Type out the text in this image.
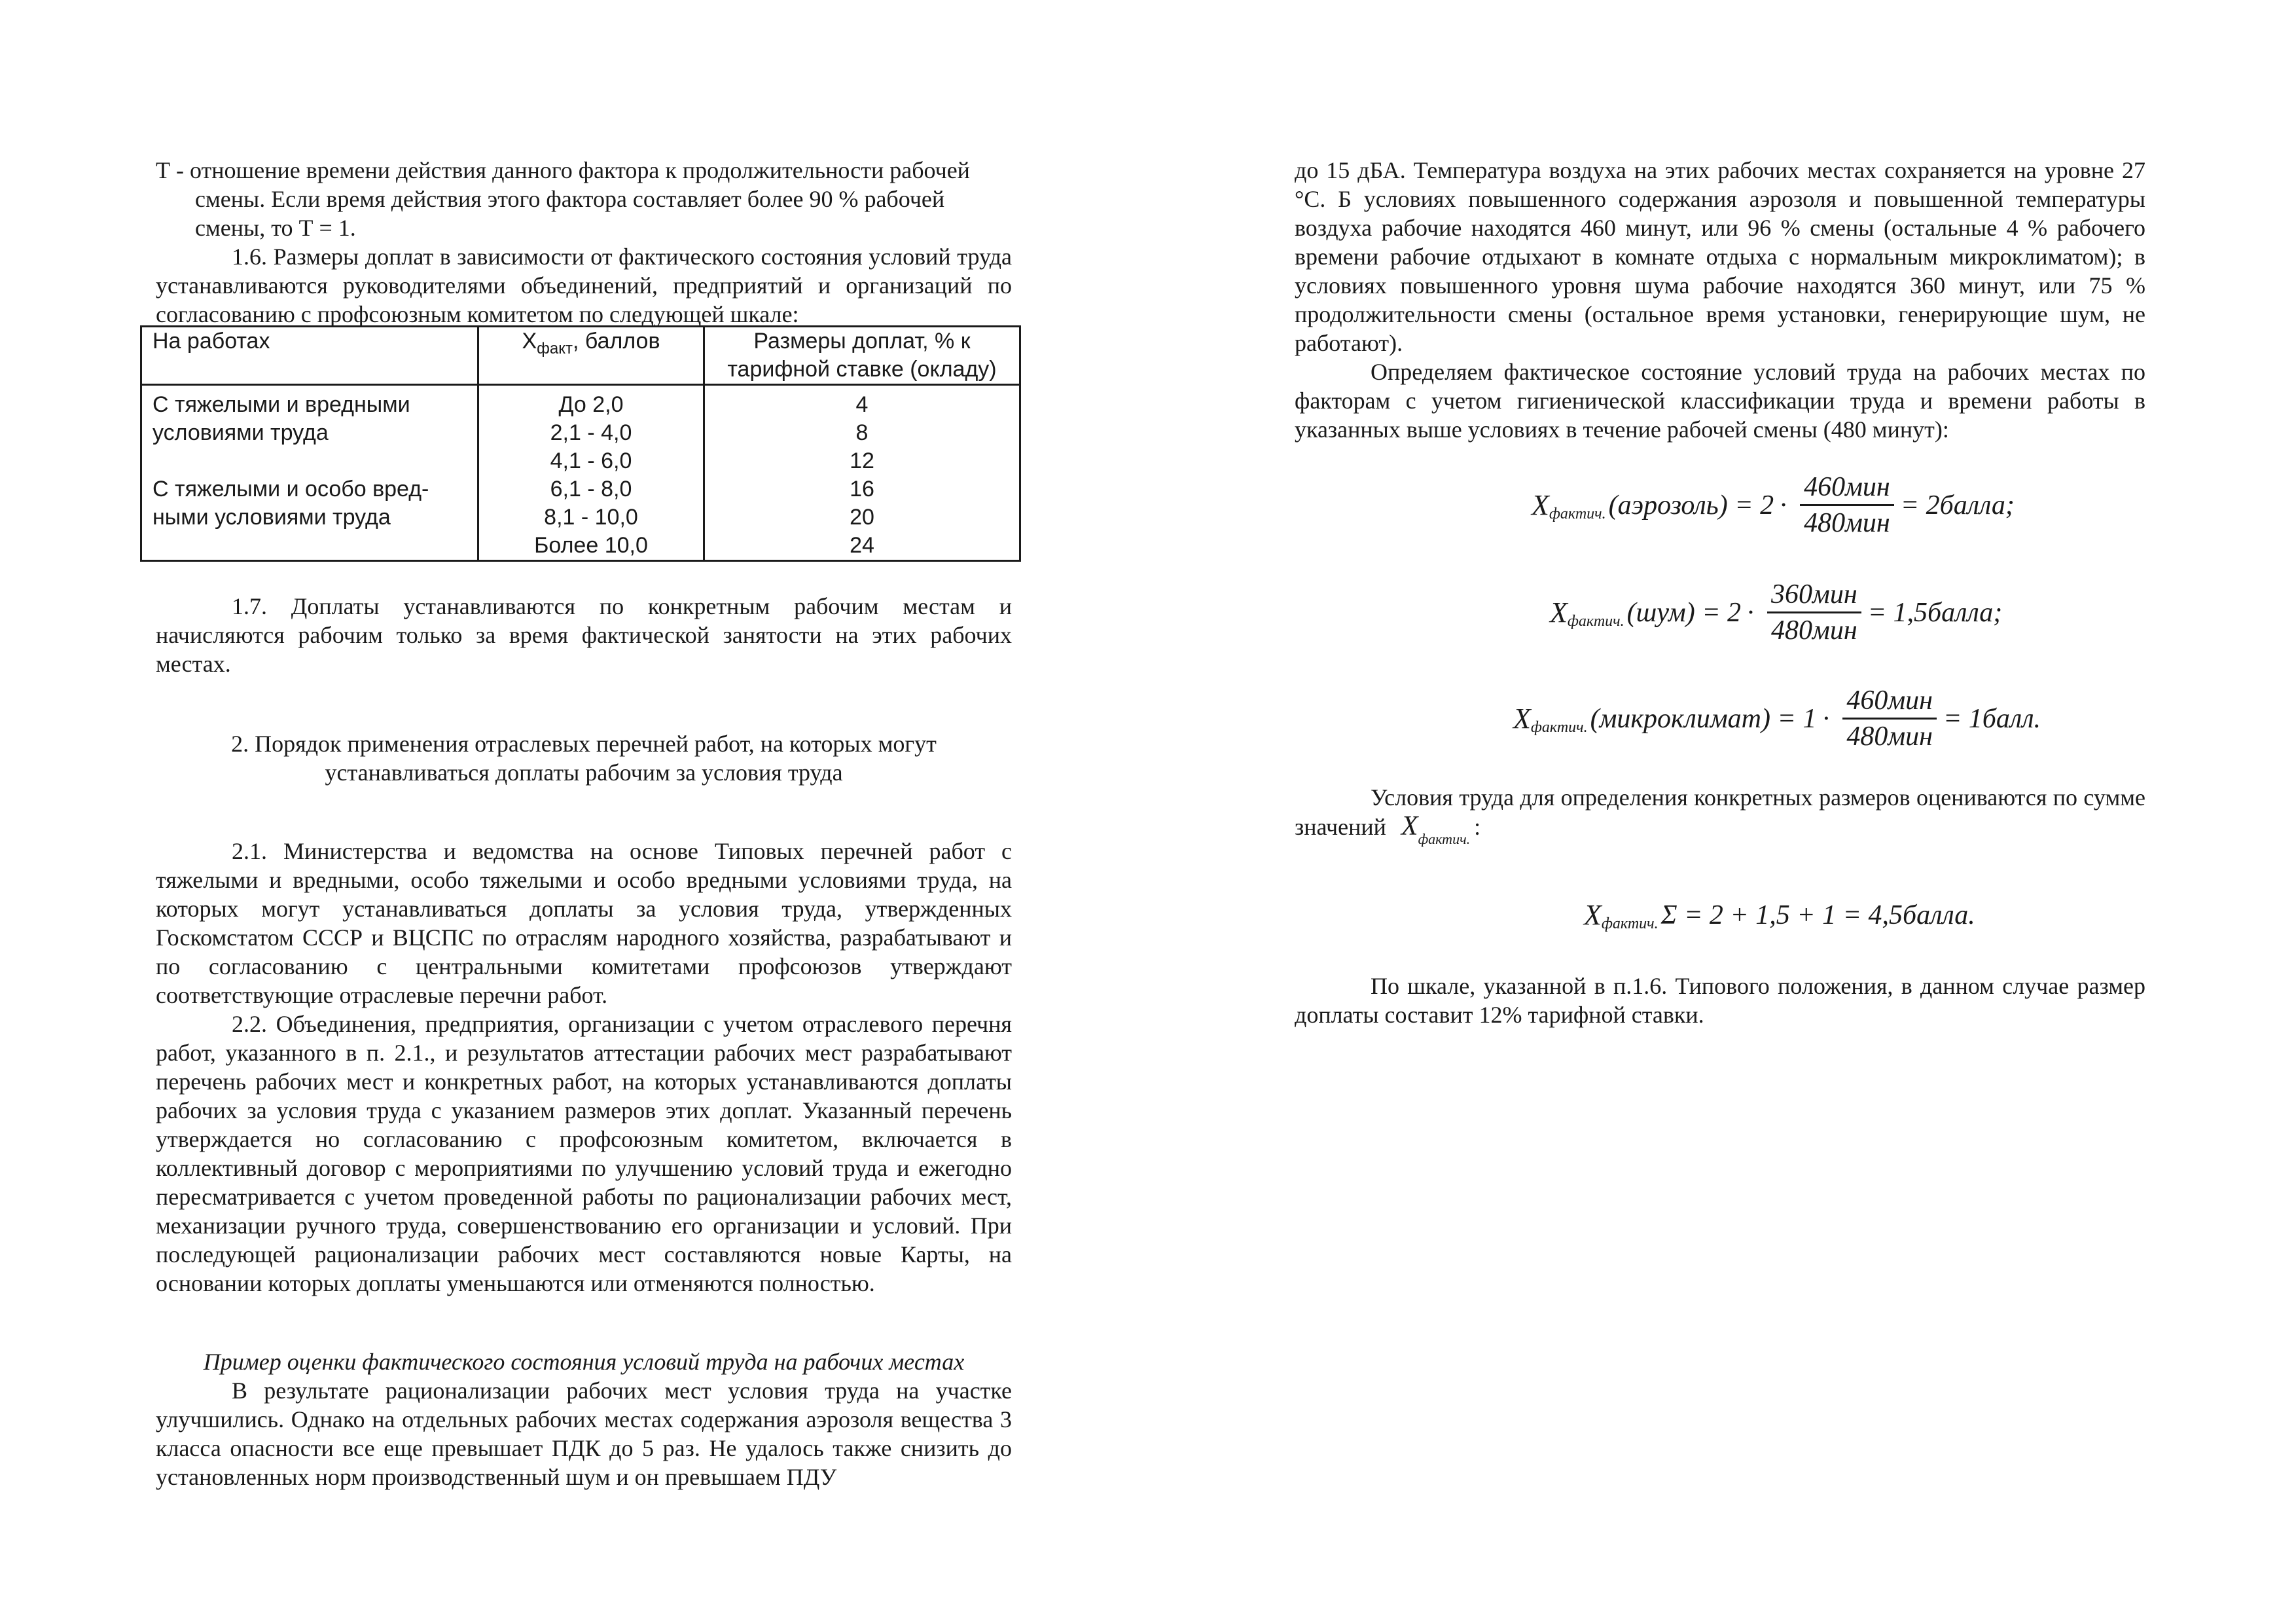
Т - отношение времени действия данного фактора к продолжительности рабочей смены. Если время действия этого фактора составляет более 90 % рабочей смены, то Т = 1.

1.6. Размеры доплат в зависимости от фактического состояния условий труда устанавливаются руководителями объединений, предприятий и организаций по согласованию с профсоюзным комитетом по следующей шкале:

На работах	$Х_{факт}$, баллов	Размеры доплат, % к тарифной ставке (окладу)

С тяжелыми и вредными	До 2,0	4
условиями труда	2,1 - 4,0	8
	4,1 - 6,0	12
С тяжелыми и особо вред-	6,1 - 8,0	16
ными условиями труда	8,1 - 10,0	20
	Более 10,0	24

1.7. Доплаты устанавливаются по конкретным рабочим местам и начисляются рабочим только за время фактической занятости на этих рабочих местах.

2. Порядок применения отраслевых перечней работ, на которых могут устанавливаться доплаты рабочим за условия труда

2.1. Министерства и ведомства на основе Типовых перечней работ с тяжелыми и вредными, особо тяжелыми и особо вредными условиями труда, на которых могут устанавливаться доплаты за условия труда, утвержденных Госкомстатом СССР и ВЦСПС по отраслям народного хозяйства, разрабатывают и по согласованию с центральными комитетами профсоюзов утверждают соответствующие отраслевые перечни работ.

2.2. Объединения, предприятия, организации с учетом отраслевого перечня работ, указанного в п. 2.1., и результатов аттестации рабочих мест разрабатывают перечень рабочих мест и конкретных работ, на которых устанавливаются доплаты рабочих за условия труда с указанием размеров этих доплат. Указанный перечень утверждается но согласованию с профсоюзным комитетом, включается в коллективный договор с мероприятиями по улучшению условий труда и ежегодно пересматривается с учетом проведенной работы по рационализации рабочих мест, механизации ручного труда, совершенствованию его организации и условий. При последующей рационализации рабочих мест составляются новые Карты, на основании которых доплаты уменьшаются или отменяются полностью.

Пример оценки фактического состояния условий труда на рабочих местах

В результате рационализации рабочих мест условия труда на участке улучшились. Однако на отдельных рабочих местах содержания аэрозоля вещества 3 класса опасности все еще превышает ПДК до 5 раз. Не удалось также снизить до установленных норм производственный шум и он превышаем ПДУ

до 15 дБА. Температура воздуха на этих рабочих местах сохраняется на уровне 27 °С. Б условиях повышенного содержания аэрозоля и повышенной температуры воздуха рабочие находятся 460 минут, или 96 % смены (остальные 4 % рабочего времени рабочие отдыхают в комнате отдыха с нормальным микроклиматом); в условиях повышенного уровня шума рабочие находятся 360 минут, или 75 % продолжительности смены (остальное время установки, генерирующие шум, не работают).

Определяем фактическое состояние условий труда на рабочих местах по факторам с учетом гигиенической классификации труда и времени работы в указанных выше условиях в течение рабочей смены (480 минут):

X фактич. (аэрозоль) = $2 \cdot \frac{\text{460мин}}{\text{480мин}}$ = 2балла;
X фактич. $(шум) = 2 \cdot \frac{\text{360мин}}{\text{480мин}}$ = 1,5балла;
X фактич. (микроклимат) = $1 \cdot \frac{\text{460мин}}{\text{480мин}}$ = 1балл.

Условия труда для определения конкретных размеров оцениваются по сумме значений $X_{фактич.}$ :

X фактич. Σ = 2 + 1,5 + 1 = 4,5балла.

По шкале, указанной в п.1.6. Типового положения, в данном случае размер доплаты составит 12% тарифной ставки.
